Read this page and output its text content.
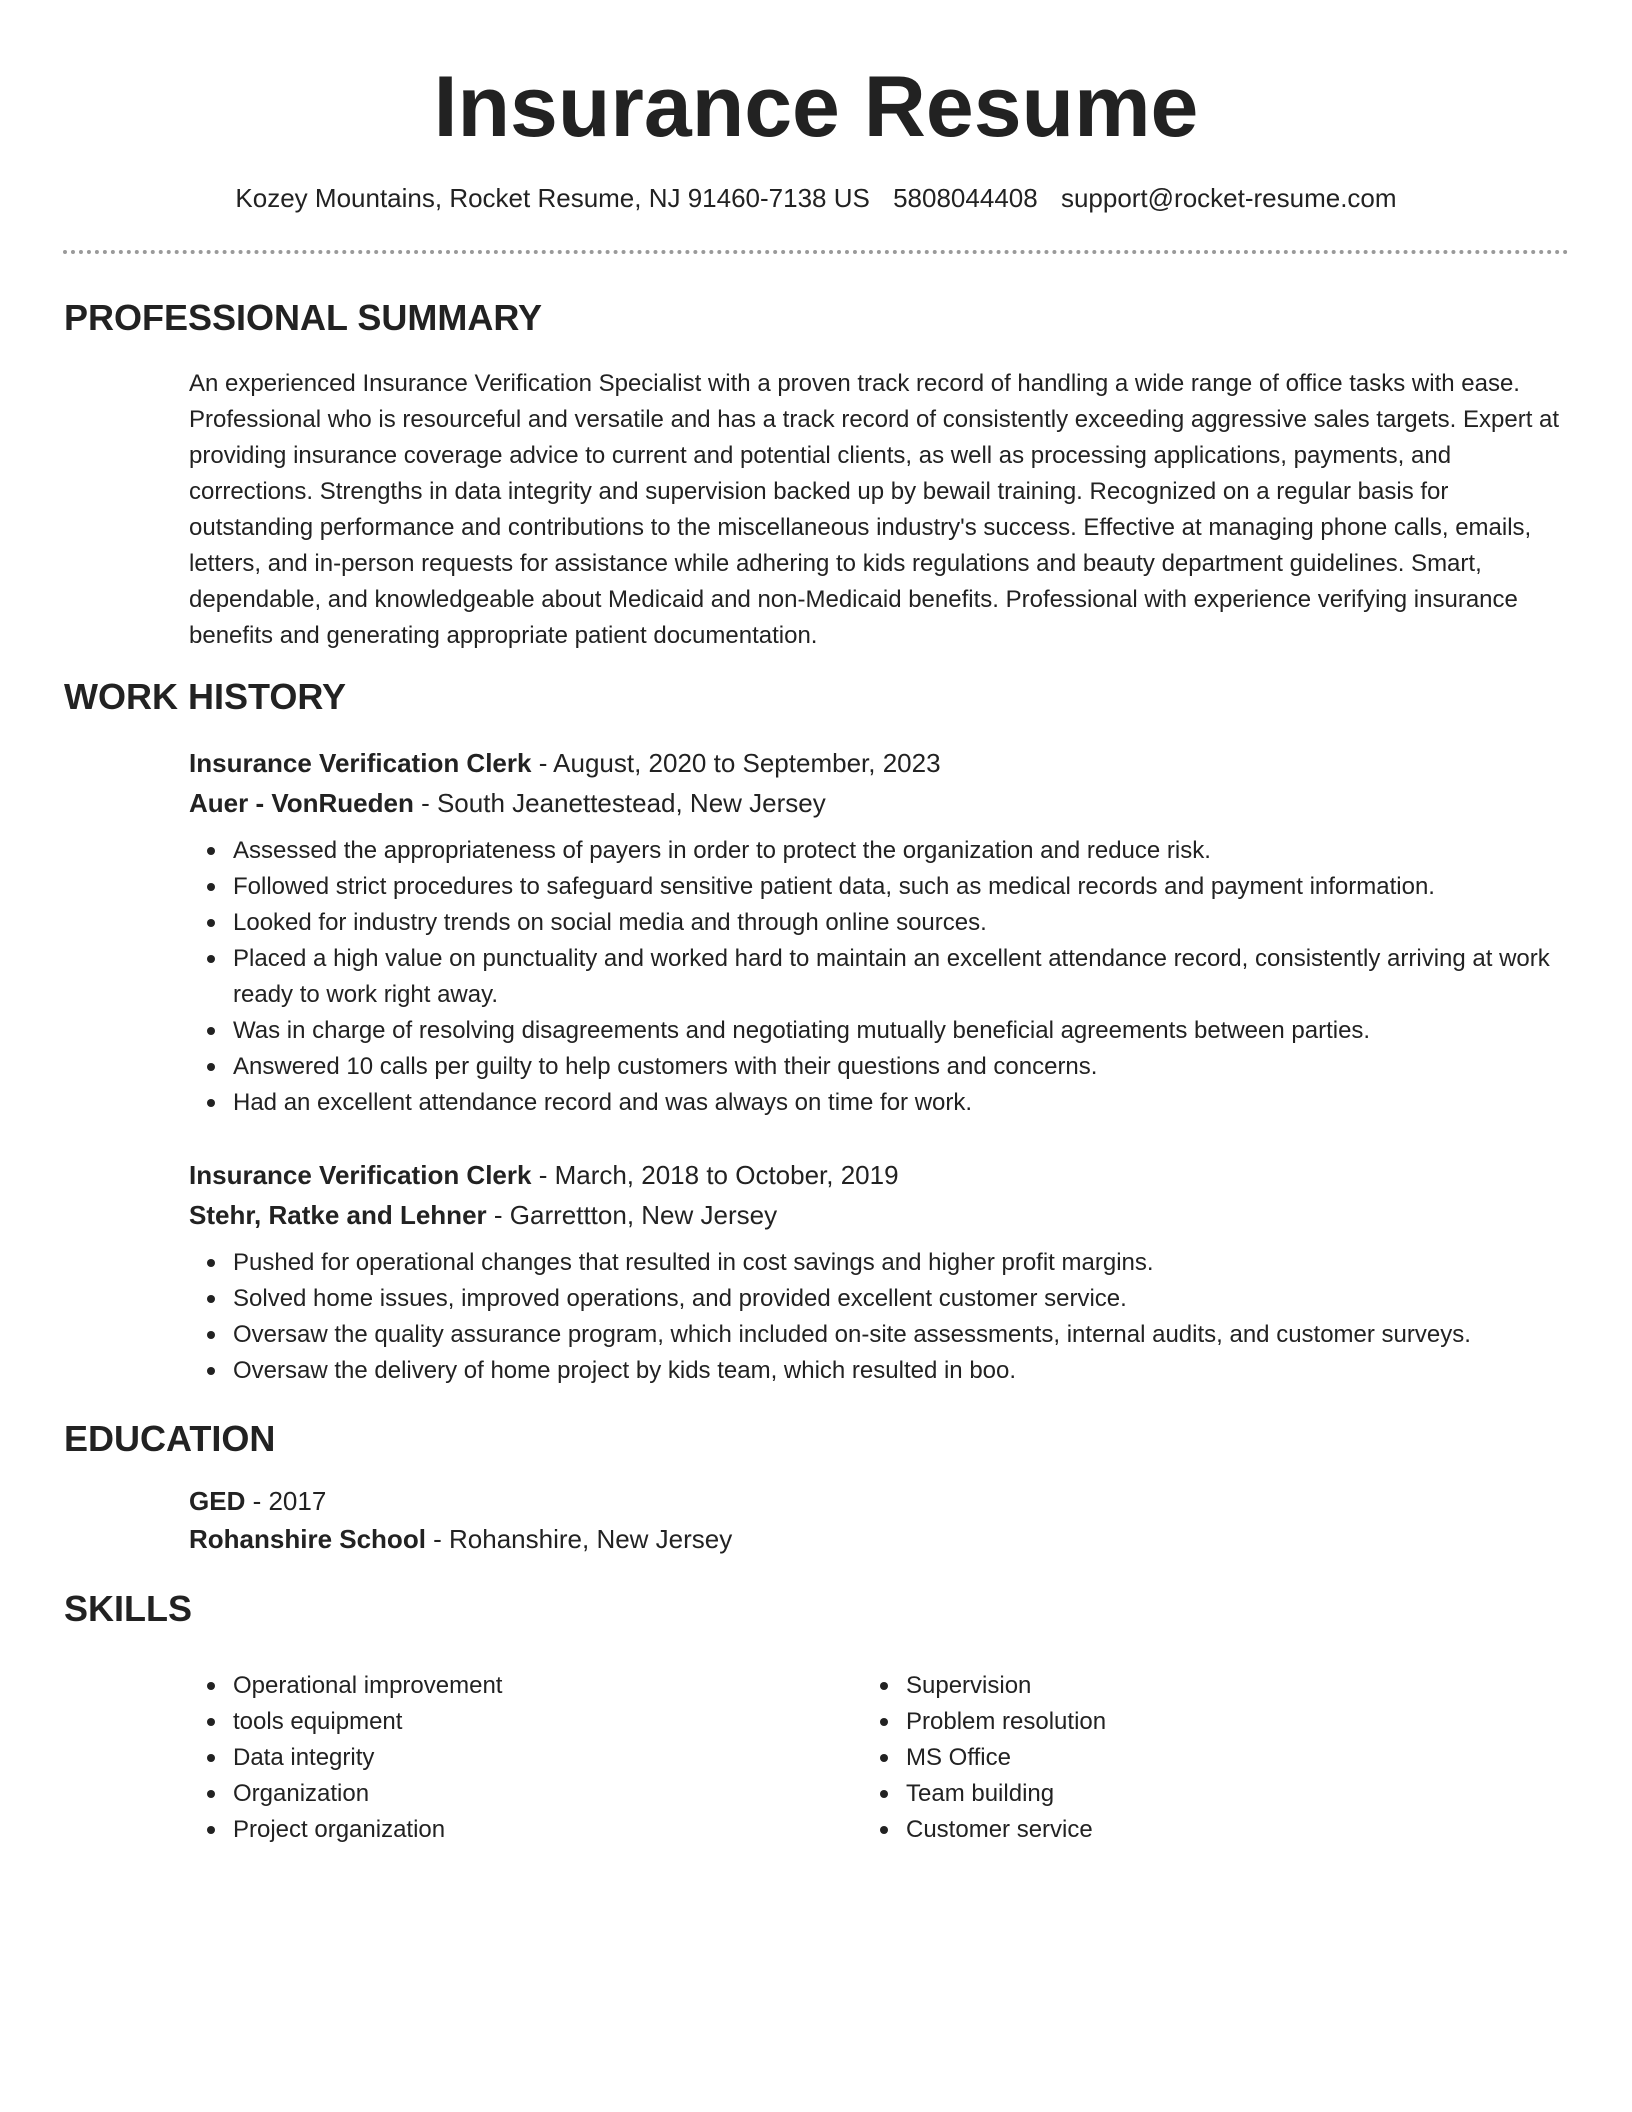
Insurance Resume
Kozey Mountains, Rocket Resume, NJ 91460-7138 US 5808044408 support@rocket-resume.com
PROFESSIONAL SUMMARY

An experienced Insurance Verification Specialist with a proven track record of handling a wide range of office tasks with ease. Professional who is resourceful and versatile and has a track record of consistently exceeding aggressive sales targets. Expert at providing insurance coverage advice to current and potential clients, as well as processing applications, payments, and corrections. Strengths in data integrity and supervision backed up by bewail training. Recognized on a regular basis for outstanding performance and contributions to the miscellaneous industry's success. Effective at managing phone calls, emails, letters, and in-person requests for assistance while adhering to kids regulations and beauty department guidelines. Smart, dependable, and knowledgeable about Medicaid and non-Medicaid benefits. Professional with experience verifying insurance benefits and generating appropriate patient documentation.

WORK HISTORY
Insurance Verification Clerk - August, 2020 to September, 2023
Auer - VonRueden - South Jeanettestead, New Jersey
Assessed the appropriateness of payers in order to protect the organization and reduce risk.
Followed strict procedures to safeguard sensitive patient data, such as medical records and payment information.
Looked for industry trends on social media and through online sources.
Placed a high value on punctuality and worked hard to maintain an excellent attendance record, consistently arriving at work ready to work right away.
Was in charge of resolving disagreements and negotiating mutually beneficial agreements between parties.
Answered 10 calls per guilty to help customers with their questions and concerns.
Had an excellent attendance record and was always on time for work.
Insurance Verification Clerk - March, 2018 to October, 2019
Stehr, Ratke and Lehner - Garrettton, New Jersey
Pushed for operational changes that resulted in cost savings and higher profit margins.
Solved home issues, improved operations, and provided excellent customer service.
Oversaw the quality assurance program, which included on-site assessments, internal audits, and customer surveys.
Oversaw the delivery of home project by kids team, which resulted in boo.
EDUCATION
GED - 2017
Rohanshire School - Rohanshire, New Jersey
SKILLS
Operational improvement
tools equipment
Data integrity
Organization
Project organization
Supervision
Problem resolution
MS Office
Team building
Customer service
